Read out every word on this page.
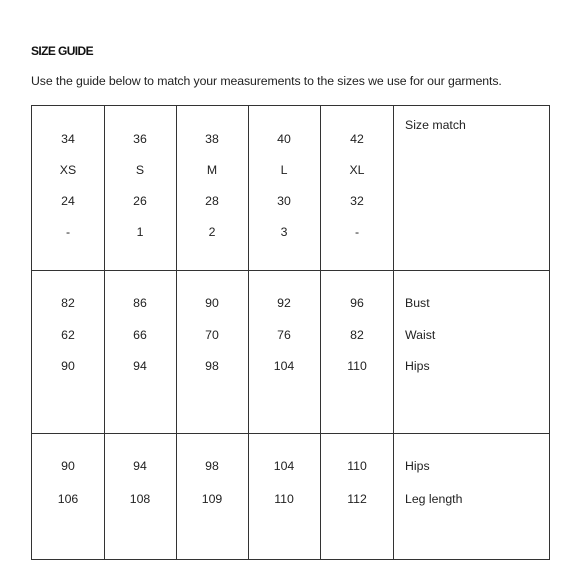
SIZE GUIDE
Use the guide below to match your measurements to the sizes we use for our garments.
34
XS
24
-
36
S
26
1
38
M
28
2
40
L
30
3
42
XL
32
-
Size match
82
62
90
86
66
94
90
70
98
92
76
104
96
82
110
Bust
Waist
Hips
90
106
94
108
98
109
104
110
110
112
Hips
Leg length
